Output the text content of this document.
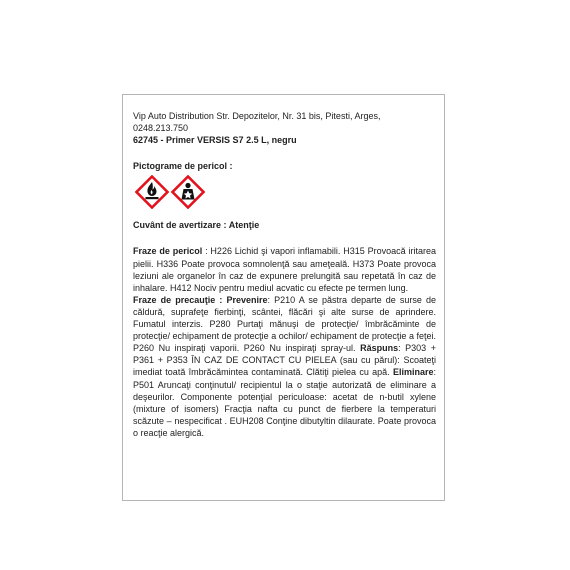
Vip Auto Distribution Str. Depozitelor, Nr. 31 bis, Pitesti, Arges,
0248.213.750
62745 - Primer VERSIS S7 2.5 L, negru
Pictograme de pericol :
Cuvânt de avertizare : Atenţie
Fraze de pericol : H226 Lichid şi vapori inflamabili. H315 Provoacă iritarea pielii. H336 Poate provoca somnolenţă sau ameţeală. H373 Poate provoca leziuni ale organelor în caz de expunere prelungită sau repetată în caz de inhalare. H412 Nociv pentru mediul acvatic cu efecte pe termen lung.
Fraze de precauţie : Prevenire: P210 A se păstra departe de surse de căldură, suprafeţe fierbinţi, scântei, flăcări şi alte surse de aprindere. Fumatul interzis. P280 Purtaţi mănuşi de protecţie/ îmbrăcăminte de protecţie/ echipament de protecţie a ochilor/ echipament de protecţie a feţei. P260 Nu inspiraţi vaporii. P260 Nu inspiraţi spray-ul. Răspuns: P303 + P361 + P353 ÎN CAZ DE CONTACT CU PIELEA (sau cu părul): Scoateţi imediat toată îmbrăcămintea contaminată. Clătiţi pielea cu apă. Eliminare: P501 Aruncaţi conţinutul/ recipientul la o staţie autorizată de eliminare a deşeurilor. Componente potenţial periculoase: acetat de n-butil xylene (mixture of isomers) Fracţia nafta cu punct de fierbere la temperaturi scăzute – nespecificat . EUH208 Conţine dibutyltin dilaurate. Poate provoca o reacţie alergică.
